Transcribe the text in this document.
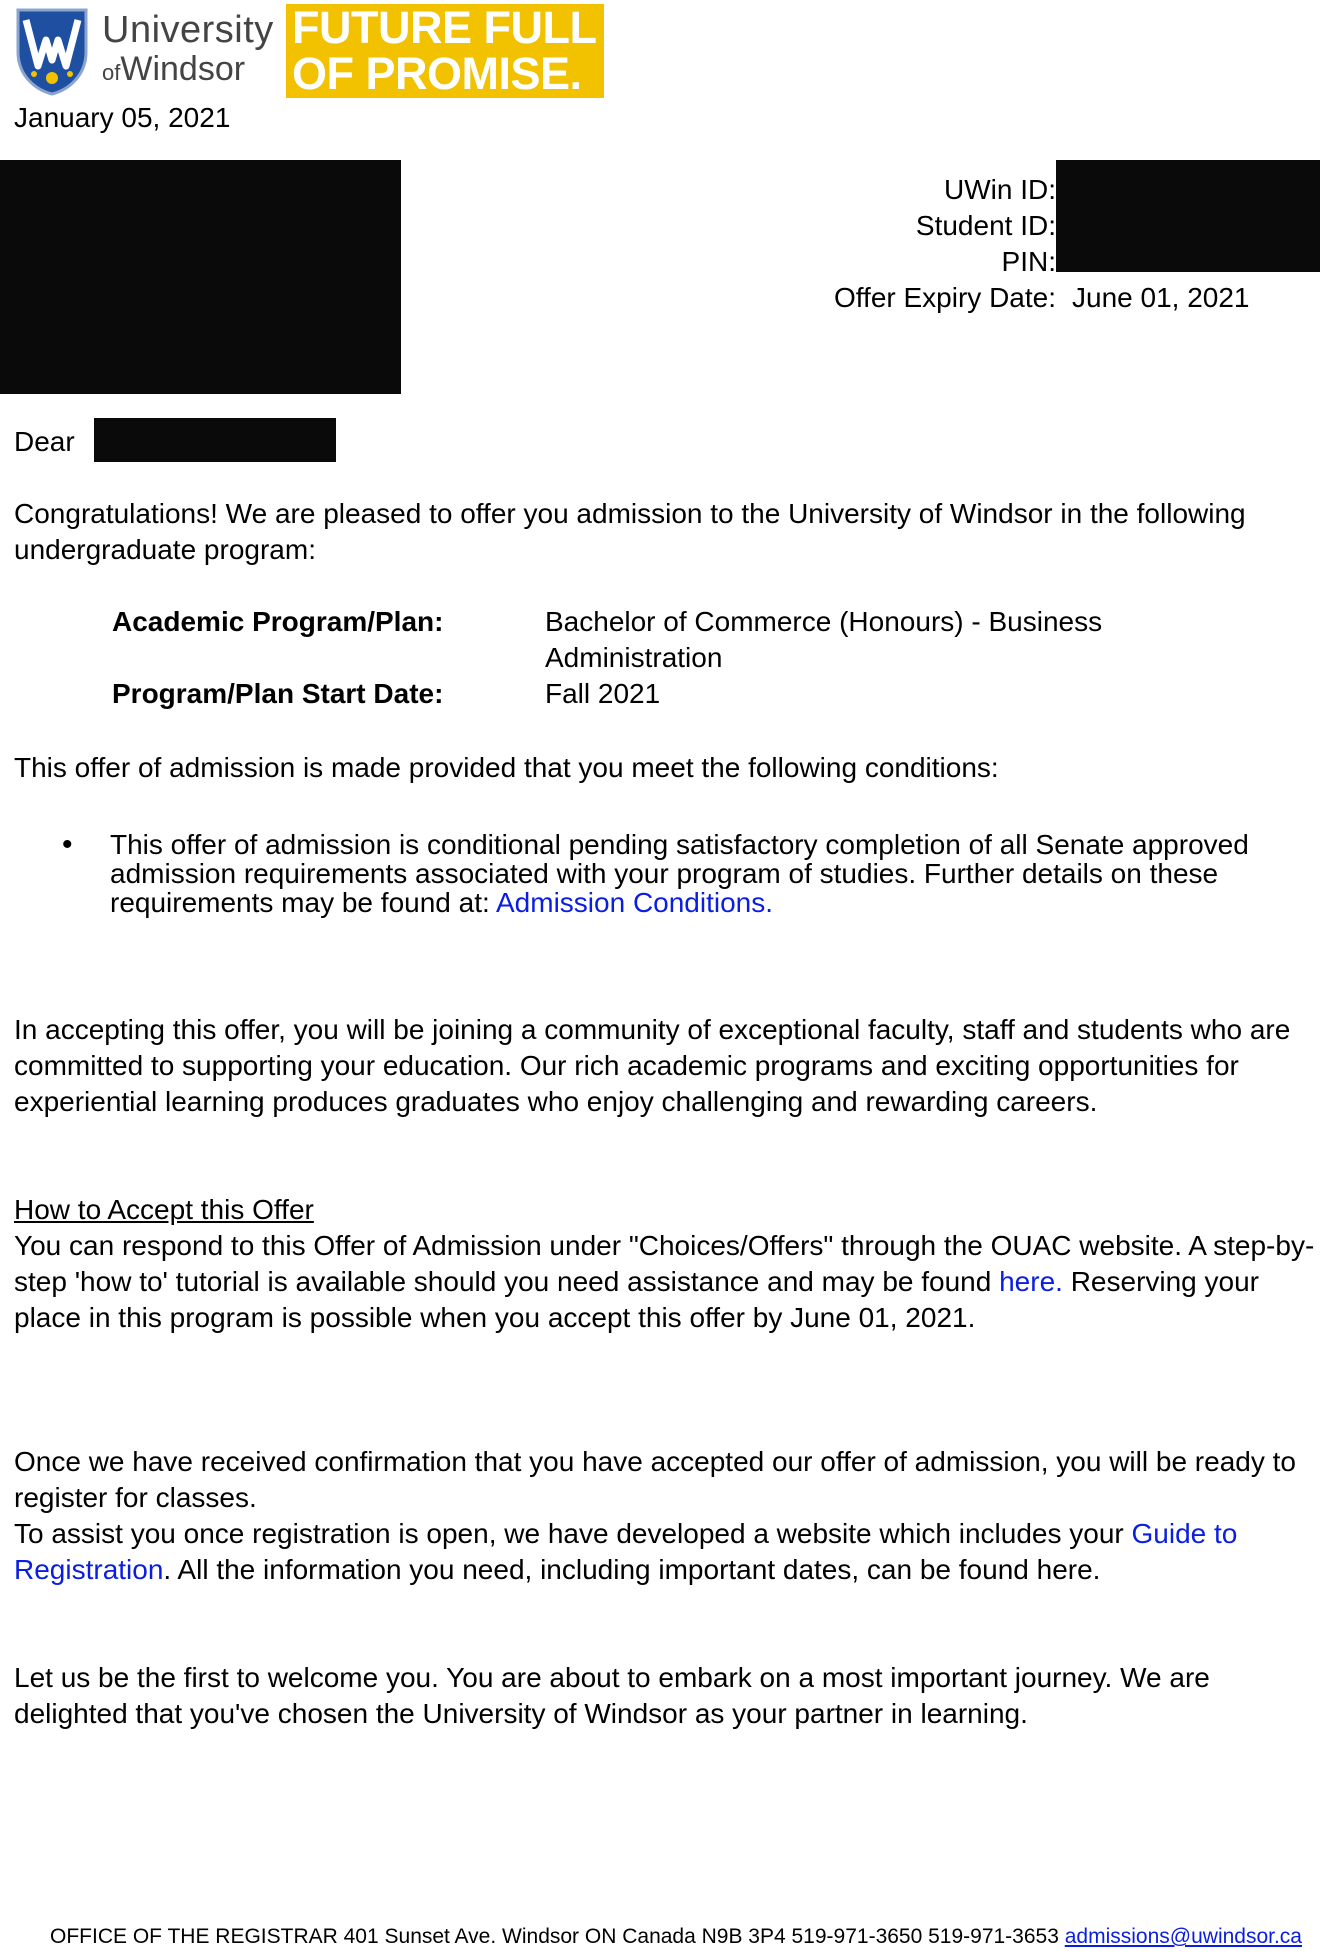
University
ofWindsor
FUTURE FULL
OF PROMISE.
January 05, 2021
UWin ID:
Student ID:
PIN:
Offer Expiry Date: June 01, 2021
Dear
Congratulations! We are pleased to offer you admission to the University of Windsor in the following undergraduate program:
Academic Program/Plan:	Bachelor of Commerce (Honours) - Business Administration
Program/Plan Start Date:	Fall 2021
This offer of admission is made provided that you meet the following conditions:
•	This offer of admission is conditional pending satisfactory completion of all Senate approved admission requirements associated with your program of studies. Further details on these requirements may be found at: Admission Conditions.
In accepting this offer, you will be joining a community of exceptional faculty, staff and students who are committed to supporting your education. Our rich academic programs and exciting opportunities for experiential learning produces graduates who enjoy challenging and rewarding careers.
How to Accept this Offer
You can respond to this Offer of Admission under "Choices/Offers" through the OUAC website. A step-by-step 'how to' tutorial is available should you need assistance and may be found here. Reserving your place in this program is possible when you accept this offer by June 01, 2021.
Once we have received confirmation that you have accepted our offer of admission, you will be ready to register for classes.
To assist you once registration is open, we have developed a website which includes your Guide to Registration. All the information you need, including important dates, can be found here.
Let us be the first to welcome you. You are about to embark on a most important journey. We are delighted that you've chosen the University of Windsor as your partner in learning.
OFFICE OF THE REGISTRAR 401 Sunset Ave. Windsor ON Canada N9B 3P4 519-971-3650 519-971-3653 admissions@uwindsor.ca
